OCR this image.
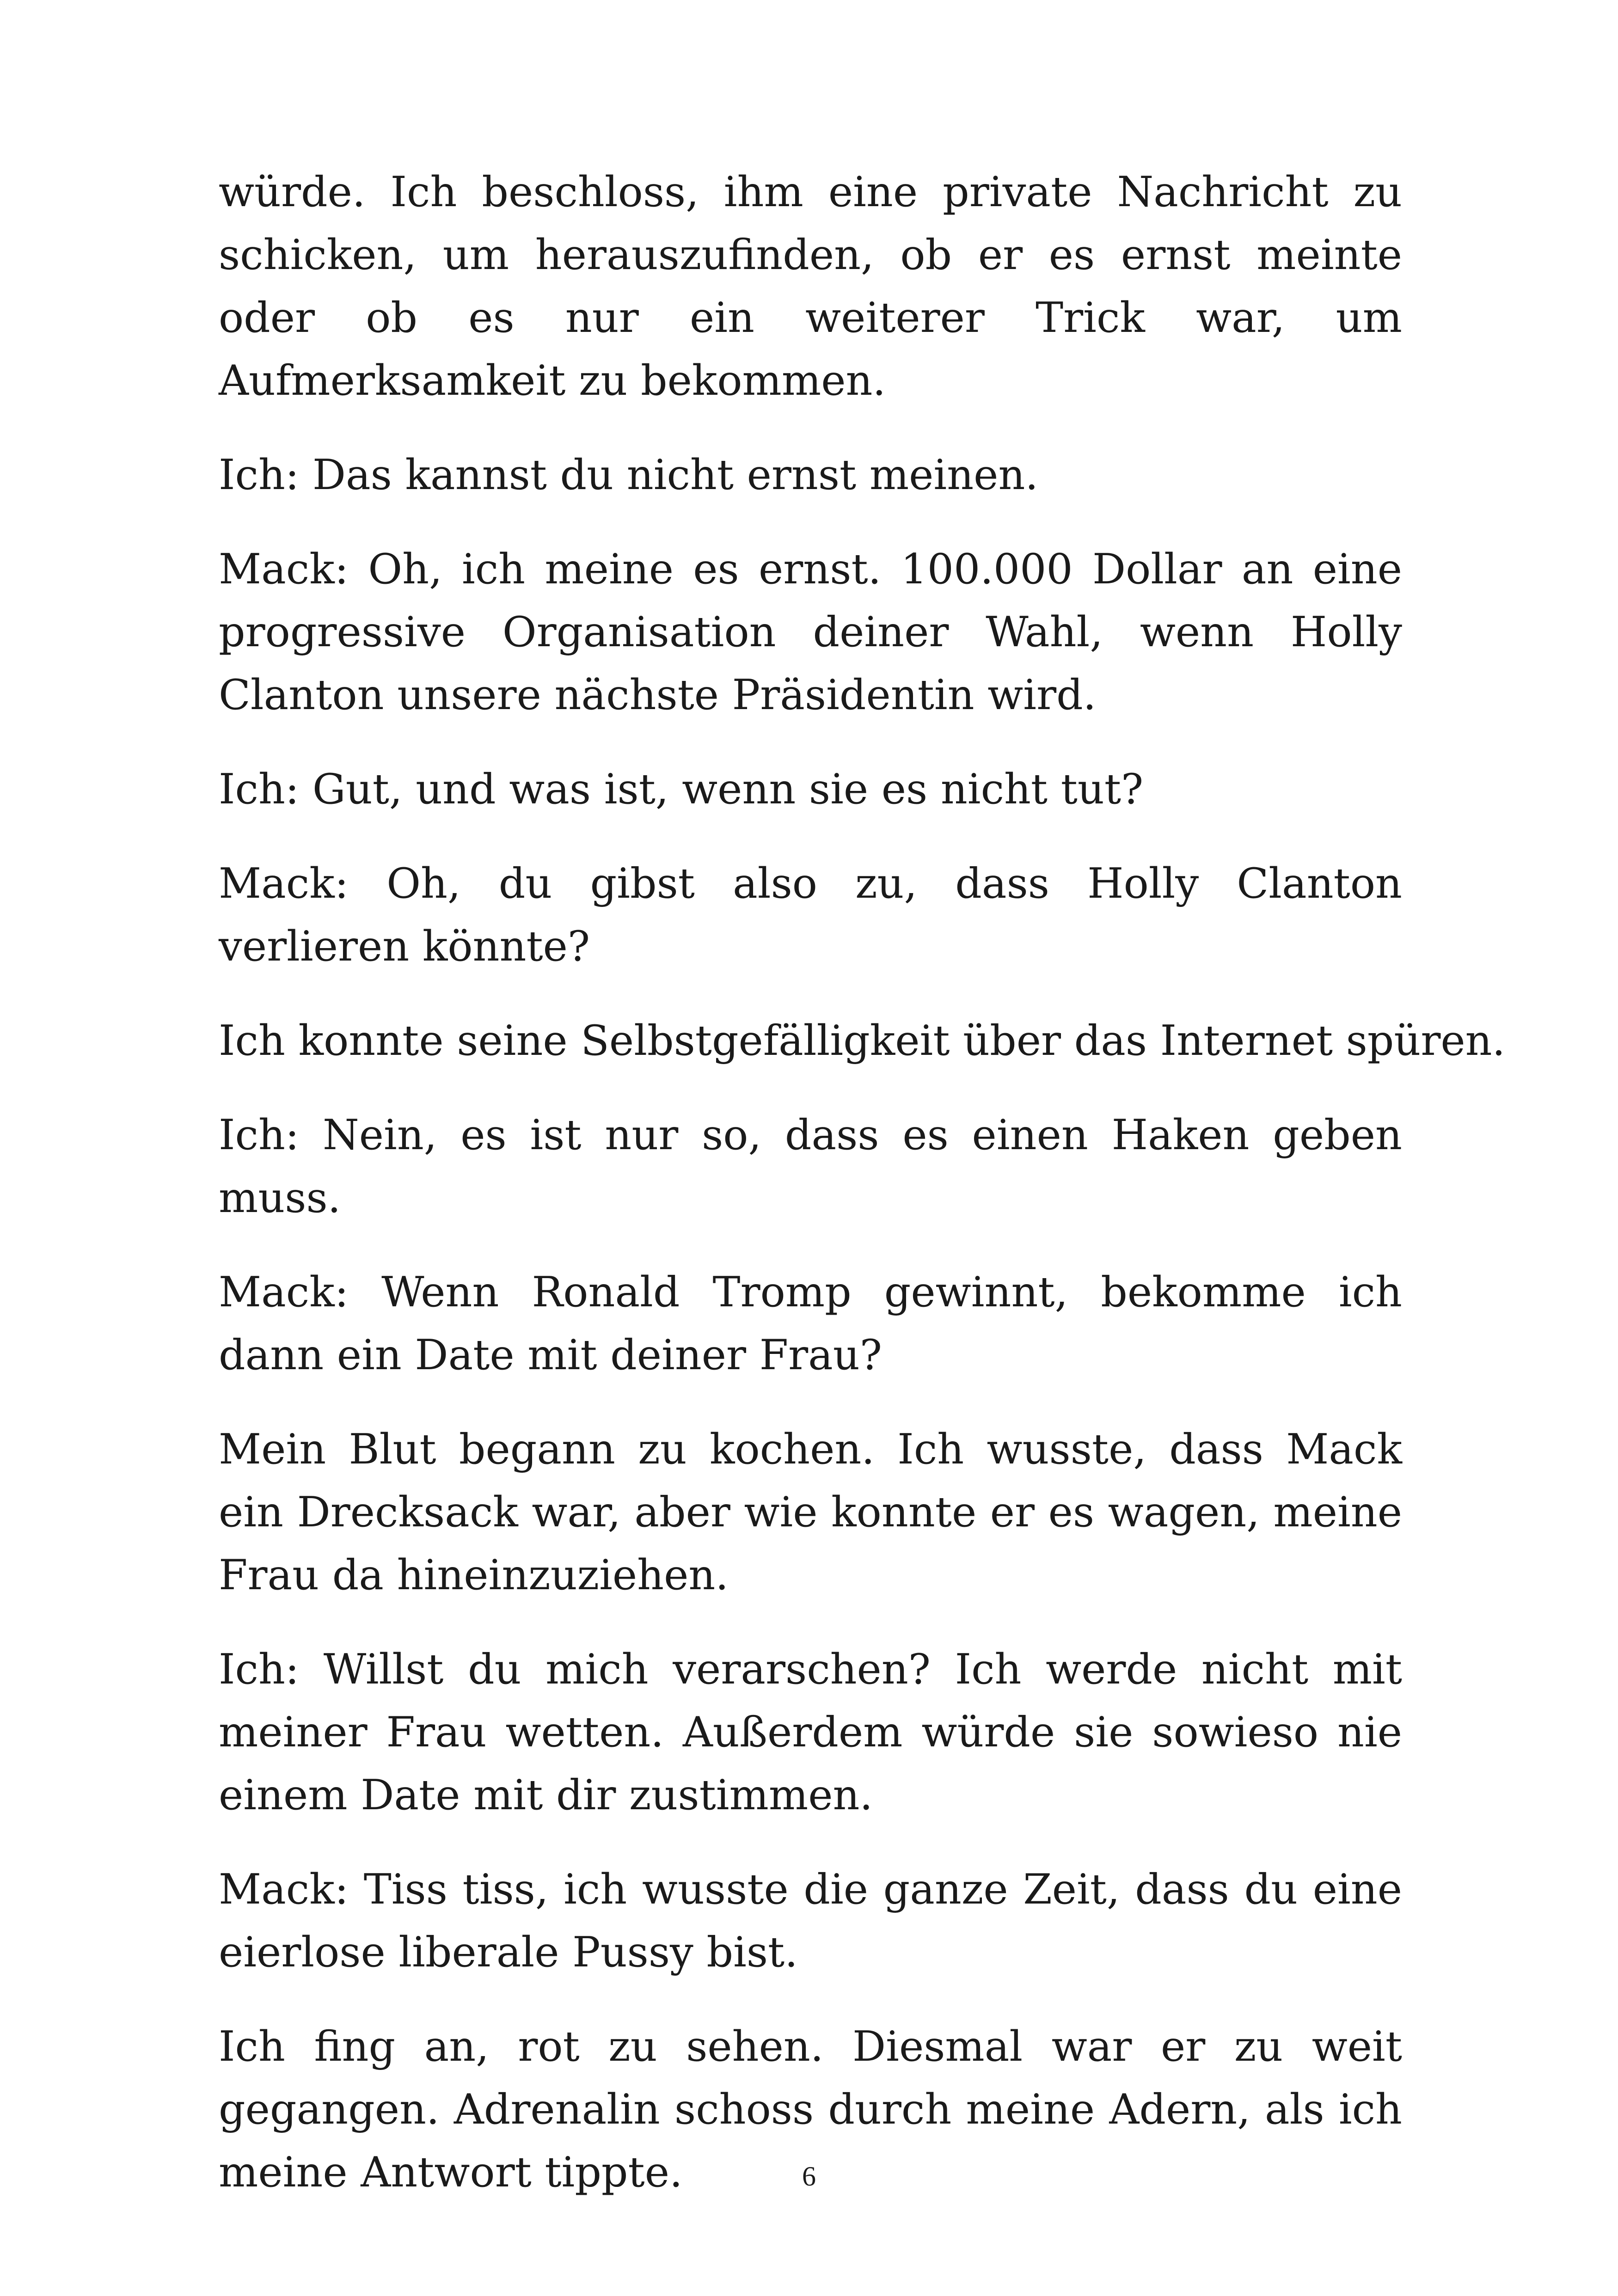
würde. Ich beschloss, ihm eine private Nachricht zu schicken, um herauszufinden, ob er es ernst meinte oder ob es nur ein weiterer Trick war, um Aufmerksamkeit zu bekommen.

Ich: Das kannst du nicht ernst meinen.

Mack: Oh, ich meine es ernst. 100.000 Dollar an eine progressive Organisation deiner Wahl, wenn Holly Clanton unsere nächste Präsidentin wird.

Ich: Gut, und was ist, wenn sie es nicht tut?

Mack: Oh, du gibst also zu, dass Holly Clanton verlieren könnte?

Ich konnte seine Selbstgefälligkeit über das Internet spüren.

Ich: Nein, es ist nur so, dass es einen Haken geben muss.

Mack: Wenn Ronald Tromp gewinnt, bekomme ich dann ein Date mit deiner Frau?

Mein Blut begann zu kochen. Ich wusste, dass Mack ein Drecksack war, aber wie konnte er es wagen, meine Frau da hineinzuziehen.

Ich: Willst du mich verarschen? Ich werde nicht mit meiner Frau wetten. Außerdem würde sie sowieso nie einem Date mit dir zustimmen.

Mack: Tiss tiss, ich wusste die ganze Zeit, dass du eine eierlose liberale Pussy bist.

Ich fing an, rot zu sehen. Diesmal war er zu weit gegangen. Adrenalin schoss durch meine Adern, als ich meine Antwort tippte.	6
